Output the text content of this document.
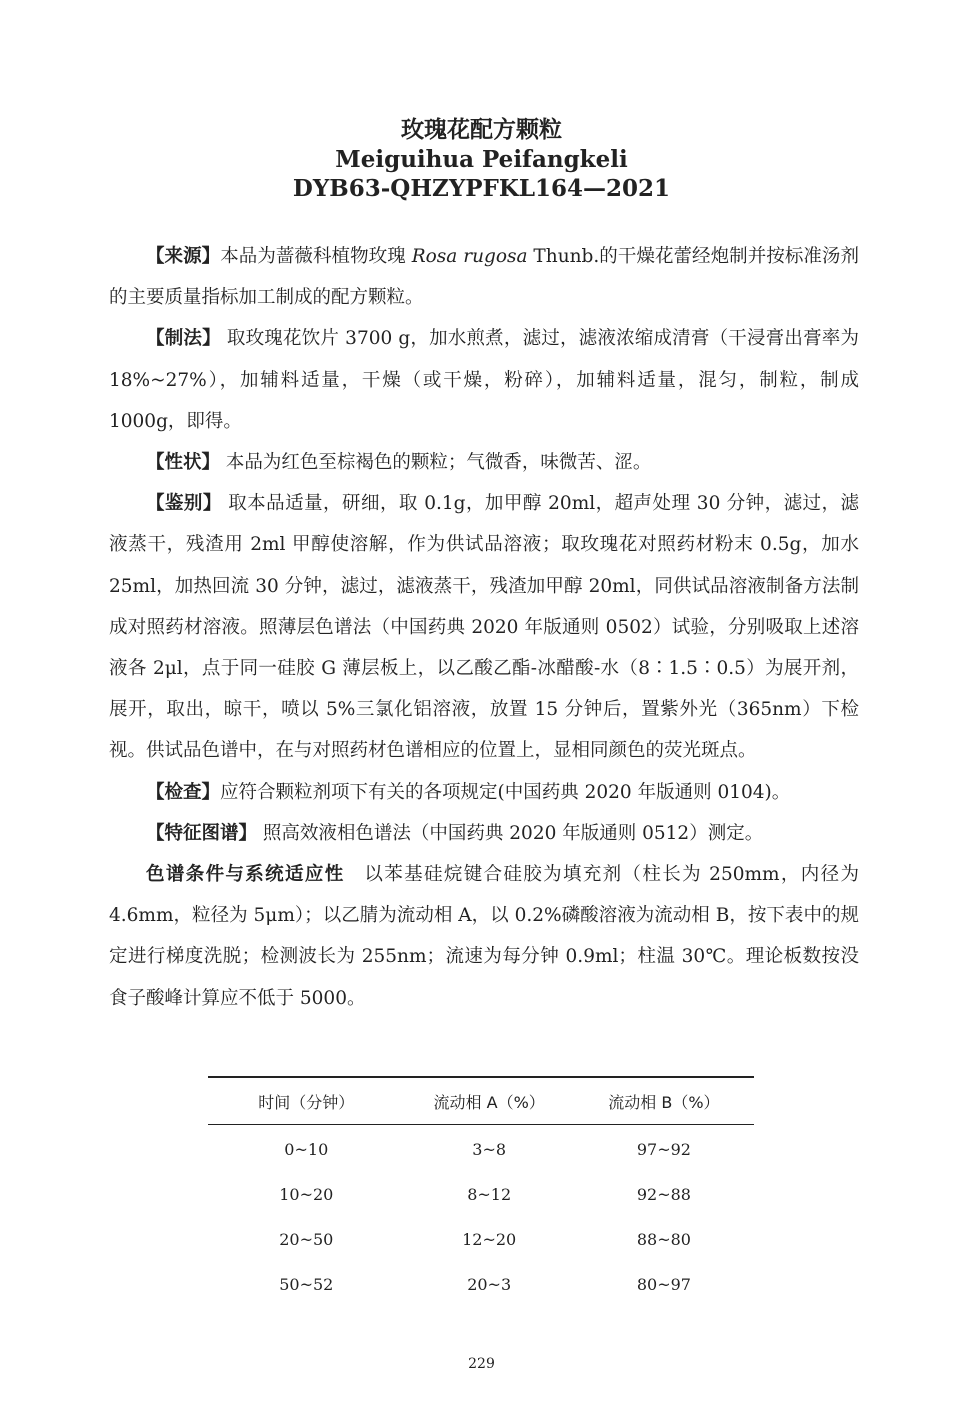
玫瑰花配方颗粒
Meiguihua Peifangkeli
DYB63-QHZYPFKL164—2021

【来源】本品为蔷薇科植物玫瑰 Rosa rugosa Thunb.的干燥花蕾经炮制并按标准汤剂的主要质量指标加工制成的配方颗粒。

【制法】 取玫瑰花饮片 3700 g，加水煎煮，滤过，滤液浓缩成清膏（干浸膏出膏率为 18%~27%），加辅料适量，干燥（或干燥，粉碎），加辅料适量，混匀，制粒，制成 1000g，即得。

【性状】 本品为红色至棕褐色的颗粒；气微香，味微苦、涩。

【鉴别】 取本品适量，研细，取 0.1g，加甲醇 20ml，超声处理 30 分钟，滤过，滤液蒸干，残渣用 2ml 甲醇使溶解，作为供试品溶液；取玫瑰花对照药材粉末 0.5g，加水 25ml，加热回流 30 分钟，滤过，滤液蒸干，残渣加甲醇 20ml，同供试品溶液制备方法制成对照药材溶液。照薄层色谱法（中国药典 2020 年版通则 0502）试验，分别吸取上述溶液各 2μl，点于同一硅胶 G 薄层板上，以乙酸乙酯-冰醋酸-水（8∶1.5∶0.5）为展开剂，展开，取出，晾干，喷以 5%三氯化铝溶液，放置 15 分钟后，置紫外光（365nm）下检视。供试品色谱中，在与对照药材色谱相应的位置上，显相同颜色的荧光斑点。

【检查】应符合颗粒剂项下有关的各项规定(中国药典 2020 年版通则 0104)。

【特征图谱】 照高效液相色谱法（中国药典 2020 年版通则 0512）测定。

色谱条件与系统适应性　以苯基硅烷键合硅胶为填充剂（柱长为 250mm，内径为 4.6mm，粒径为 5μm）；以乙腈为流动相 A，以 0.2%磷酸溶液为流动相 B，按下表中的规定进行梯度洗脱；检测波长为 255nm；流速为每分钟 0.9ml；柱温 30℃。理论板数按没食子酸峰计算应不低于 5000。

时间（分钟）	流动相 A（%）	流动相 B（%）
0~10	3~8	97~92
10~20	8~12	92~88
20~50	12~20	88~80
50~52	20~3	80~97
229
